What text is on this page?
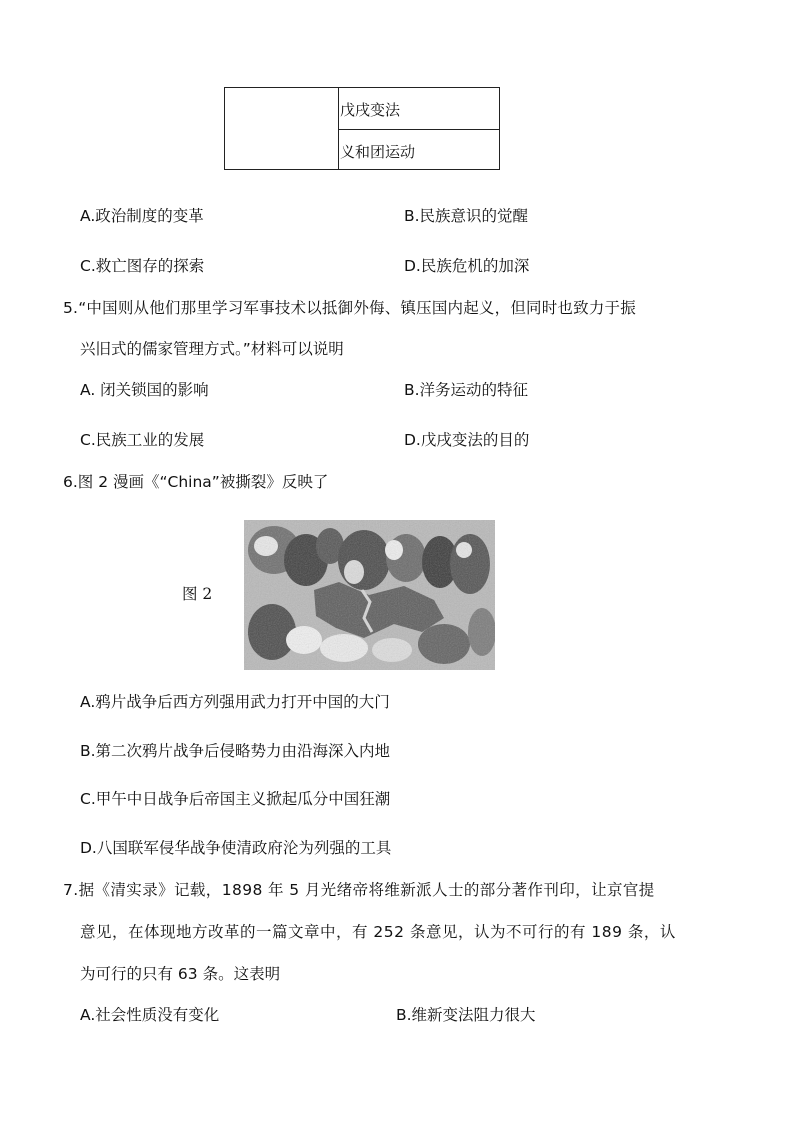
戊戌变法
义和团运动
A.政治制度的变革	B.民族意识的觉醒
C.救亡图存的探索	D.民族危机的加深
5.“中国则从他们那里学习军事技术以抵御外侮、镇压国内起义，但同时也致力于振
兴旧式的儒家管理方式。”材料可以说明
A. 闭关锁国的影响	B.洋务运动的特征
C.民族工业的发展	D.戊戌变法的目的
6.图 2 漫画《“China”被撕裂》反映了
图 2
A.鸦片战争后西方列强用武力打开中国的大门
B.第二次鸦片战争后侵略势力由沿海深入内地
C.甲午中日战争后帝国主义掀起瓜分中国狂潮
D.八国联军侵华战争使清政府沦为列强的工具
7.据《清实录》记载，1898 年 5 月光绪帝将维新派人士的部分著作刊印，让京官提
意见，在体现地方改革的一篇文章中，有 252 条意见，认为不可行的有 189 条，认
为可行的只有 63 条。这表明
A.社会性质没有变化	B.维新变法阻力很大
